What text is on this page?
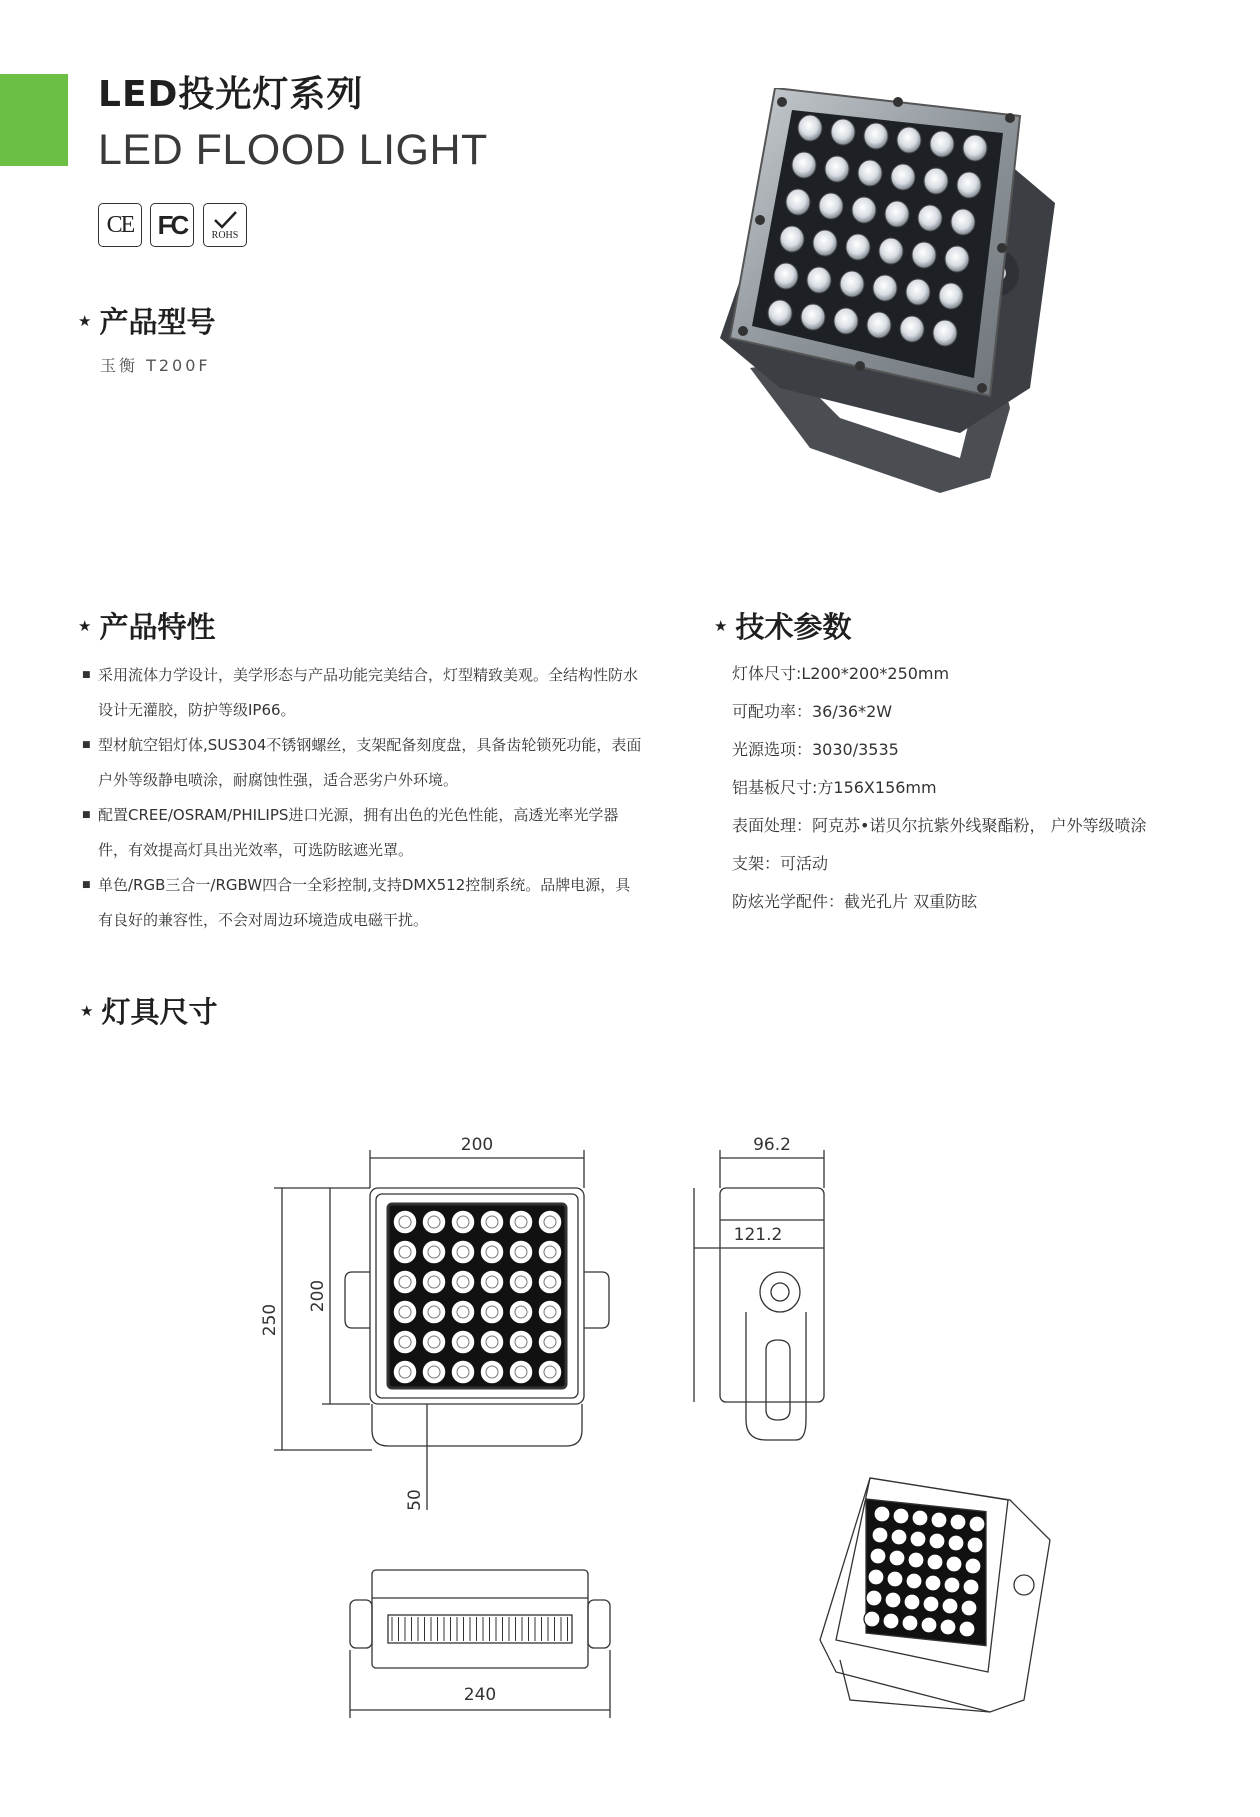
LED投光灯系列
LED FLOOD LIGHT
CE FC	ROHS
★ 产品型号
玉衡 T200F
★ 产品特性
■ 采用流体力学设计，美学形态与产品功能完美结合，灯型精致美观。全结构性防水设计无灌胶，防护等级IP66。
■ 型材航空铝灯体,SUS304不锈钢螺丝，支架配备刻度盘，具备齿轮锁死功能，表面户外等级静电喷涂，耐腐蚀性强，适合恶劣户外环境。
■ 配置CREE/OSRAM/PHILIPS进口光源，拥有出色的光色性能，高透光率光学器件，有效提高灯具出光效率，可选防眩遮光罩。
■ 单色/RGB三合一/RGBW四合一全彩控制,支持DMX512控制系统。品牌电源，具有良好的兼容性，不会对周边环境造成电磁干扰。
★ 技术参数
灯体尺寸:L200*200*250mm
可配功率：36/36*2W
光源选项：3030/3535
铝基板尺寸:方156X156mm
表面处理：阿克苏•诺贝尔抗紫外线聚酯粉， 户外等级喷涂
支架：可活动
防炫光学配件：截光孔片 双重防眩
★ 灯具尺寸
200
250
200
50
96.2
121.2
240
